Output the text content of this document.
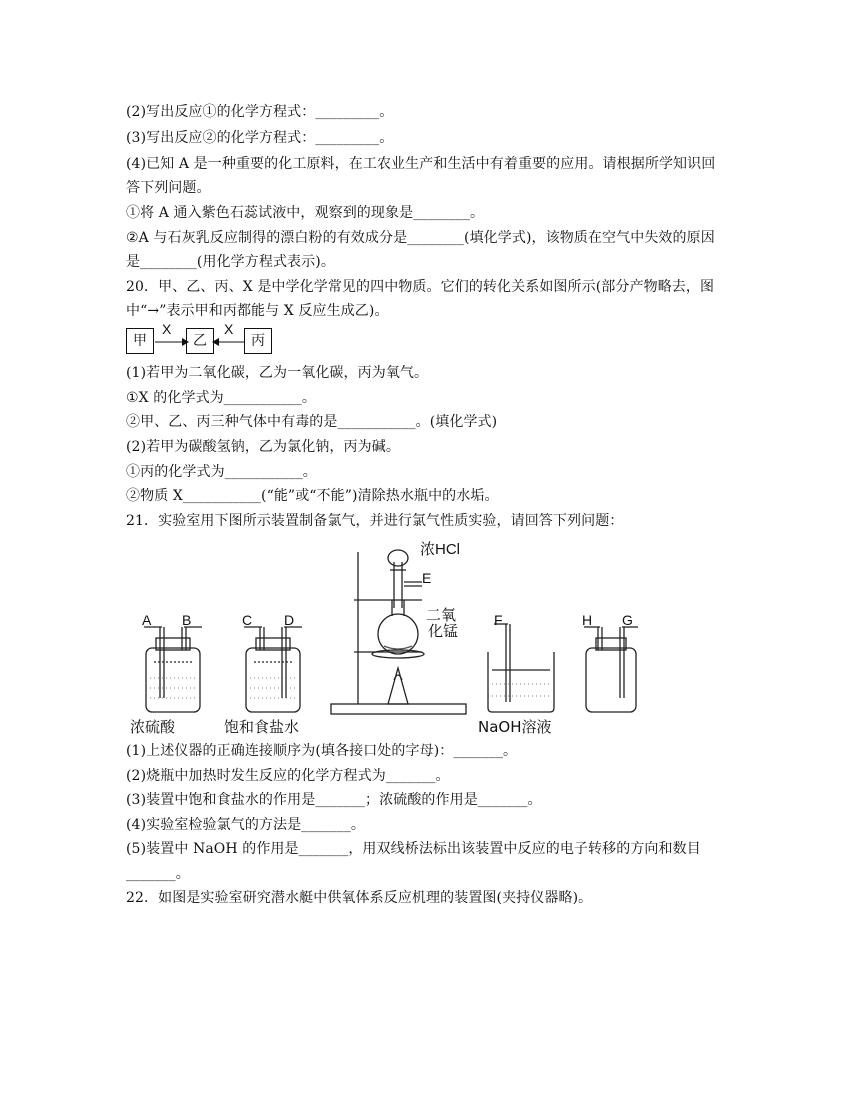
(2)写出反应①的化学方程式：_________。
(3)写出反应②的化学方程式：_________。
(4)已知 A 是一种重要的化工原料，在工农业生产和生活中有着重要的应用。请根据所学知识回
答下列问题。
①将 A 通入紫色石蕊试液中，观察到的现象是________。
②A 与石灰乳反应制得的漂白粉的有效成分是________(填化学式)，该物质在空气中失效的原因
是________(用化学方程式表示)。
20．甲、乙、丙、X 是中学化学常见的四中物质。它们的转化关系如图所示(部分产物略去，图
中“→”表示甲和丙都能与 X 反应生成乙)。
甲
X
乙
X
丙
(1)若甲为二氧化碳，乙为一氧化碳，丙为氧气。
①X 的化学式为___________。
②甲、乙、丙三种气体中有毒的是___________。(填化学式)
(2)若甲为碳酸氢钠，乙为氯化钠，丙为碱。
①丙的化学式为___________。
②物质 X___________(“能”或“不能”)清除热水瓶中的水垢。
21．实验室用下图所示装置制备氯气，并进行氯气性质实验，请回答下列问题：
浓HCl
E
二氧
化锰
A B	C D	F	H G
浓硫酸	饱和食盐水	NaOH溶液
(1)上述仪器的正确连接顺序为(填各接口处的字母)：_______。
(2)烧瓶中加热时发生反应的化学方程式为_______。
(3)装置中饱和食盐水的作用是_______；浓硫酸的作用是_______。
(4)实验室检验氯气的方法是_______。
(5)装置中 NaOH 的作用是_______，用双线桥法标出该装置中反应的电子转移的方向和数目
_______。
22．如图是实验室研究潜水艇中供氧体系反应机理的装置图(夹持仪器略)。
